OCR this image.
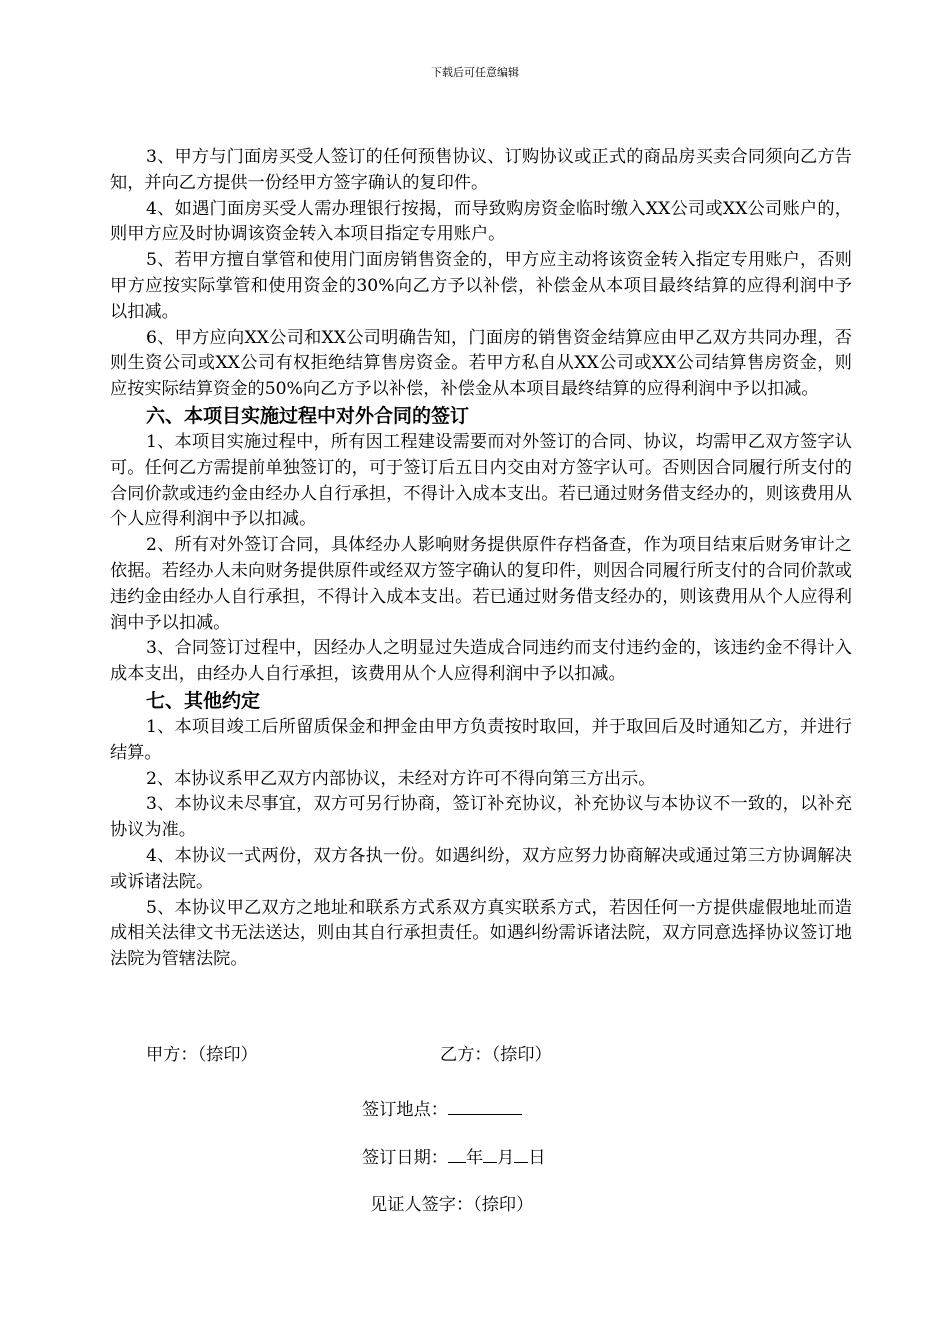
下载后可任意编辑

3、甲方与门面房买受人签订的任何预售协议、订购协议或正式的商品房买卖合同须向乙方告知，并向乙方提供一份经甲方签字确认的复印件。

4、如遇门面房买受人需办理银行按揭，而导致购房资金临时缴入XX公司或XX公司账户的，则甲方应及时协调该资金转入本项目指定专用账户。

5、若甲方擅自掌管和使用门面房销售资金的，甲方应主动将该资金转入指定专用账户，否则甲方应按实际掌管和使用资金的30%向乙方予以补偿，补偿金从本项目最终结算的应得利润中予以扣减。

6、甲方应向XX公司和XX公司明确告知，门面房的销售资金结算应由甲乙双方共同办理，否则生资公司或XX公司有权拒绝结算售房资金。若甲方私自从XX公司或XX公司结算售房资金，则应按实际结算资金的50%向乙方予以补偿，补偿金从本项目最终结算的应得利润中予以扣减。

六、本项目实施过程中对外合同的签订

1、本项目实施过程中，所有因工程建设需要而对外签订的合同、协议，均需甲乙双方签字认可。任何乙方需提前单独签订的，可于签订后五日内交由对方签字认可。否则因合同履行所支付的合同价款或违约金由经办人自行承担，不得计入成本支出。若已通过财务借支经办的，则该费用从个人应得利润中予以扣减。

2、所有对外签订合同，具体经办人影响财务提供原件存档备查，作为项目结束后财务审计之依据。若经办人未向财务提供原件或经双方签字确认的复印件，则因合同履行所支付的合同价款或违约金由经办人自行承担，不得计入成本支出。若已通过财务借支经办的，则该费用从个人应得利润中予以扣减。

3、合同签订过程中，因经办人之明显过失造成合同违约而支付违约金的，该违约金不得计入成本支出，由经办人自行承担，该费用从个人应得利润中予以扣减。

七、其他约定

1、本项目竣工后所留质保金和押金由甲方负责按时取回，并于取回后及时通知乙方，并进行结算。

2、本协议系甲乙双方内部协议，未经对方许可不得向第三方出示。

3、本协议未尽事宜，双方可另行协商，签订补充协议，补充协议与本协议不一致的，以补充协议为准。

4、本协议一式两份，双方各执一份。如遇纠纷，双方应努力协商解决或通过第三方协调解决或诉诸法院。

5、本协议甲乙双方之地址和联系方式系双方真实联系方式，若因任何一方提供虚假地址而造成相关法律文书无法送达，则由其自行承担责任。如遇纠纷需诉诸法院，双方同意选择协议签订地法院为管辖法院。

甲方：（捺印）	乙方：（捺印）
签订地点：
签订日期： 年 月 日
见证人签字：（捺印）
